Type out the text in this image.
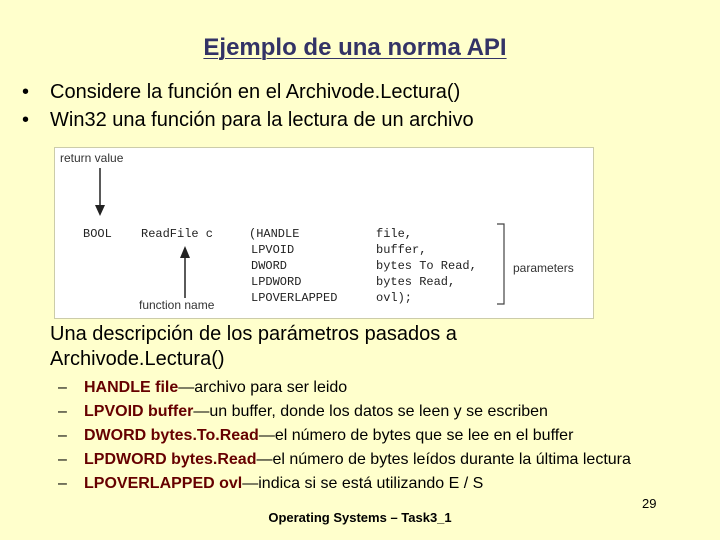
Ejemplo de una norma API
• Considere la función en el Archivode.Lectura()
• Win32 una función para la lectura de un archivo
return value
function name
parameters
BOOL ReadFile c	(HANDLE
LPVOID
DWORD
LPDWORD
LPOVERLAPPED
file,
buffer,
bytes To Read,
bytes Read,
ovl);
Una descripción de los parámetros pasados a Archivode.Lectura()
– HANDLE file—archivo para ser leido
– LPVOID buffer—un buffer, donde los datos se leen y se escriben
– DWORD bytes.To.Read—el número de bytes que se lee en el buffer
– LPDWORD bytes.Read—el número de bytes leídos durante la última lectura
– LPOVERLAPPED ovl—indica si se está utilizando E / S
29
Operating Systems – Task3_1
